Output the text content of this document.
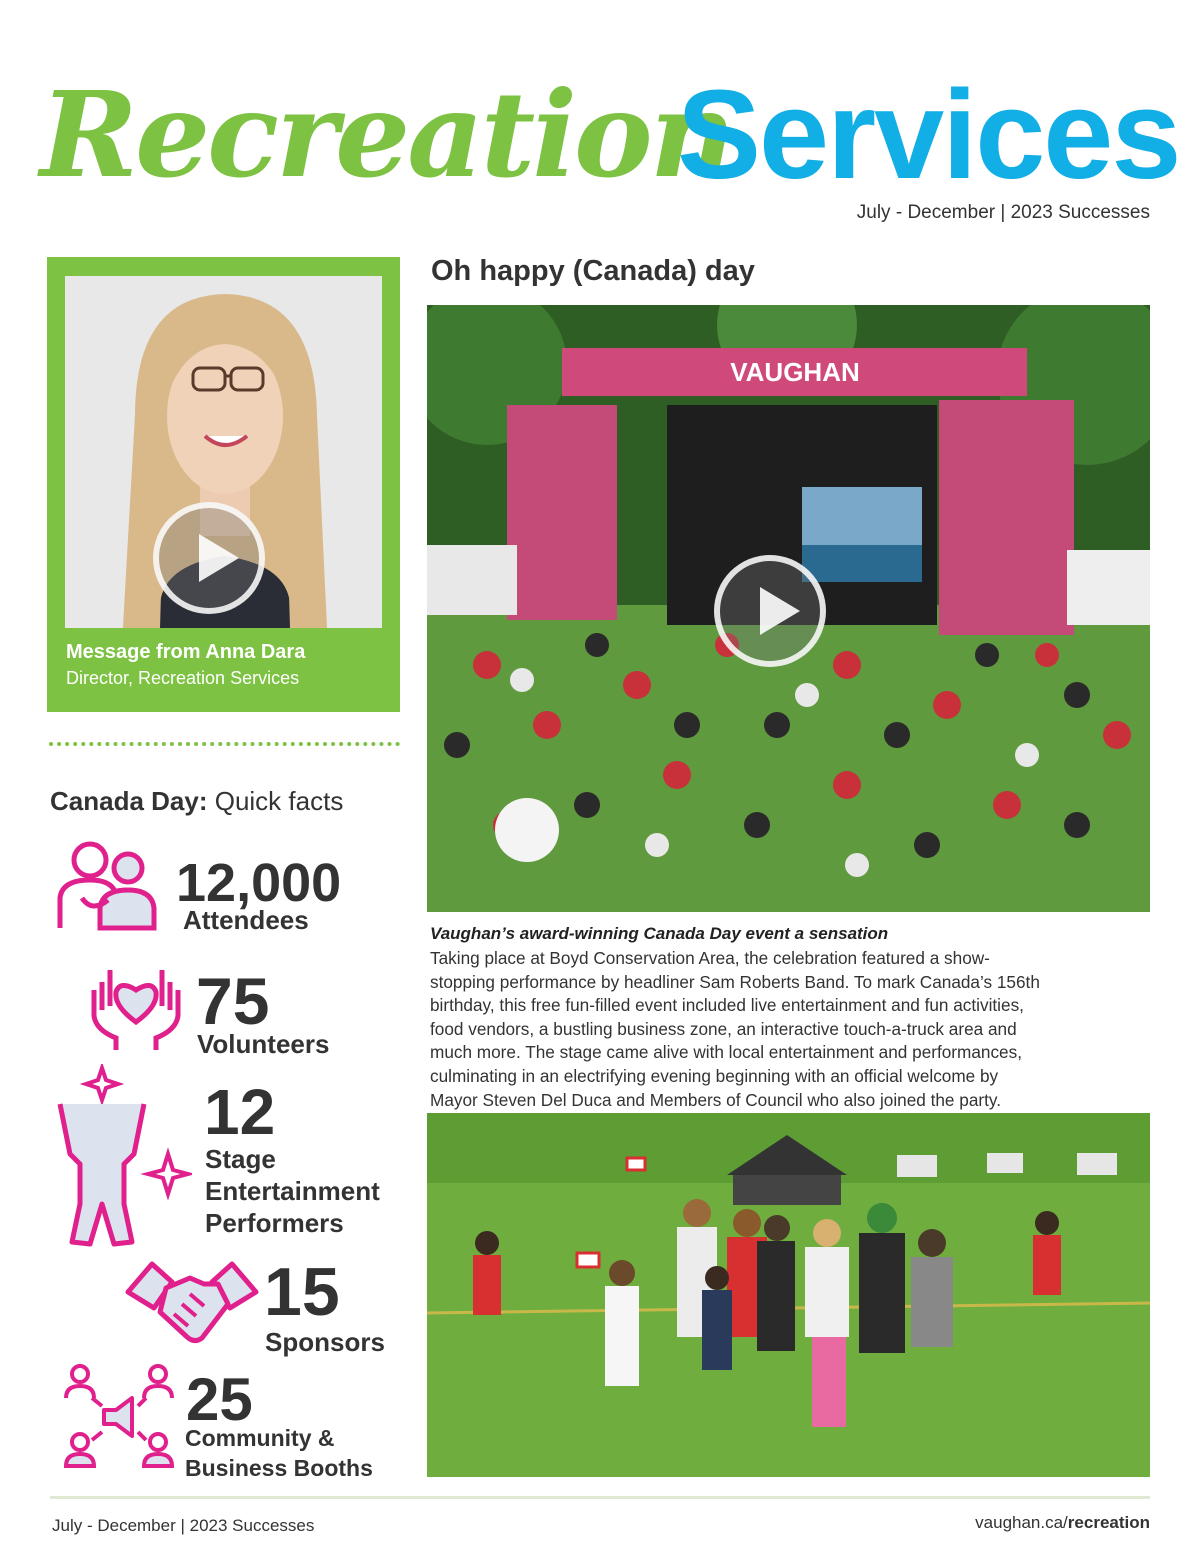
Recreation
Services
July - December | 2023 Successes
Message from Anna Dara
Director, Recreation Services
Canada Day: Quick facts
12,000
Attendees
75
Volunteers
12
Stage
Entertainment
Performers
15
Sponsors
25
Community &
Business Booths
Oh happy (Canada) day
VAUGHAN
Vaughan’s award-winning Canada Day event a sensation
Taking place at Boyd Conservation Area, the celebration featured a show-
stopping performance by headliner Sam Roberts Band. To mark Canada’s 156th
birthday, this free fun-filled event included live entertainment and fun activities,
food vendors, a bustling business zone, an interactive touch-a-truck area and
much more. The stage came alive with local entertainment and performances,
culminating in an electrifying evening beginning with an official welcome by
Mayor Steven Del Duca and Members of Council who also joined the party.
July - December | 2023 Successes	vaughan.ca/recreation
